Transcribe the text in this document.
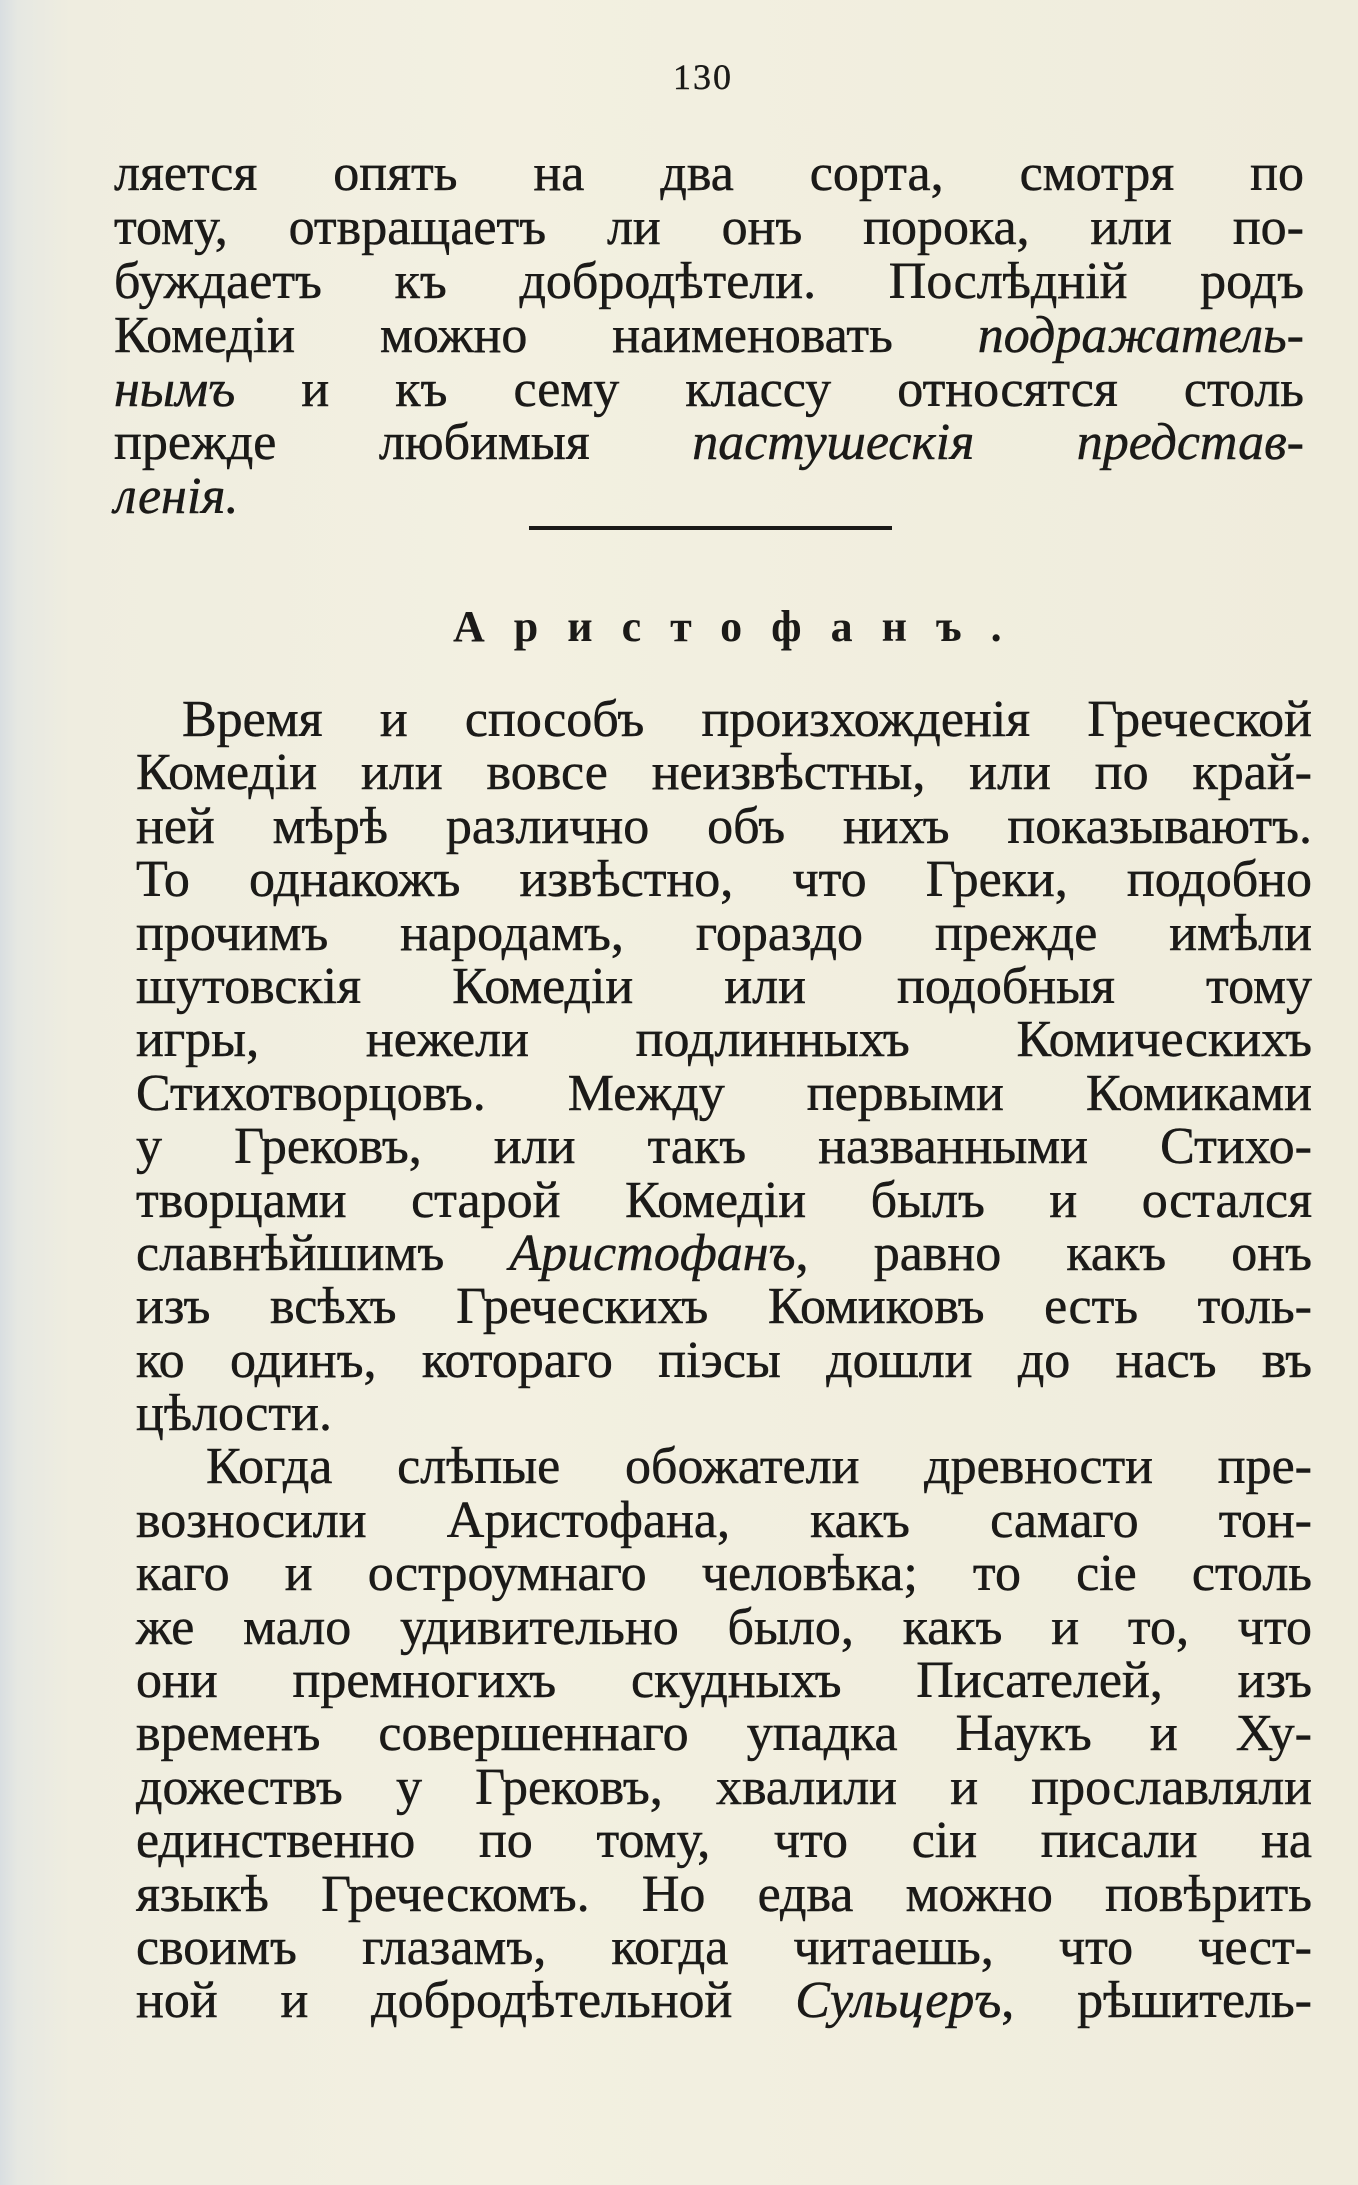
130
ляется опять на два сорта, смотря по
тому, отвращаетъ ли онъ порока, или по-
буждаетъ къ добродѣтели. Послѣдній родъ
Комедіи можно наименовать подражатель-
нымъ и къ сему классу относятся столь
прежде любимыя пастушескія представ-
ленія.
Аристофанъ.
Время и способъ произхожденія Греческой
Комедіи или вовсе неизвѣстны, или по край-
ней мѣрѣ различно объ нихъ показываютъ.
То однакожъ извѣстно, что Греки, подобно
прочимъ народамъ, гораздо прежде имѣли
шутовскія Комедіи или подобныя тому
игры, нежели подлинныхъ Комическихъ
Стихотворцовъ. Между первыми Комиками
у Грековъ, или такъ названными Стихо-
творцами старой Комедіи былъ и остался
славнѣйшимъ Аристофанъ, равно какъ онъ
изъ всѣхъ Греческихъ Комиковъ есть толь-
ко одинъ, котораго піэсы дошли до насъ въ
цѣлости.
Когда слѣпые обожатели древности пре-
возносили Аристофана, какъ самаго тон-
каго и остроумнаго человѣка; то сіе столь
же мало удивительно было, какъ и то, что
они премногихъ скудныхъ Писателей, изъ
временъ совершеннаго упадка Наукъ и Ху-
дожествъ у Грековъ, хвалили и прославляли
единственно по тому, что сіи писали на
языкѣ Греческомъ. Но едва можно повѣрить
своимъ глазамъ, когда читаешь, что чест-
ной и добродѣтельной Сульцеръ, рѣшитель-
